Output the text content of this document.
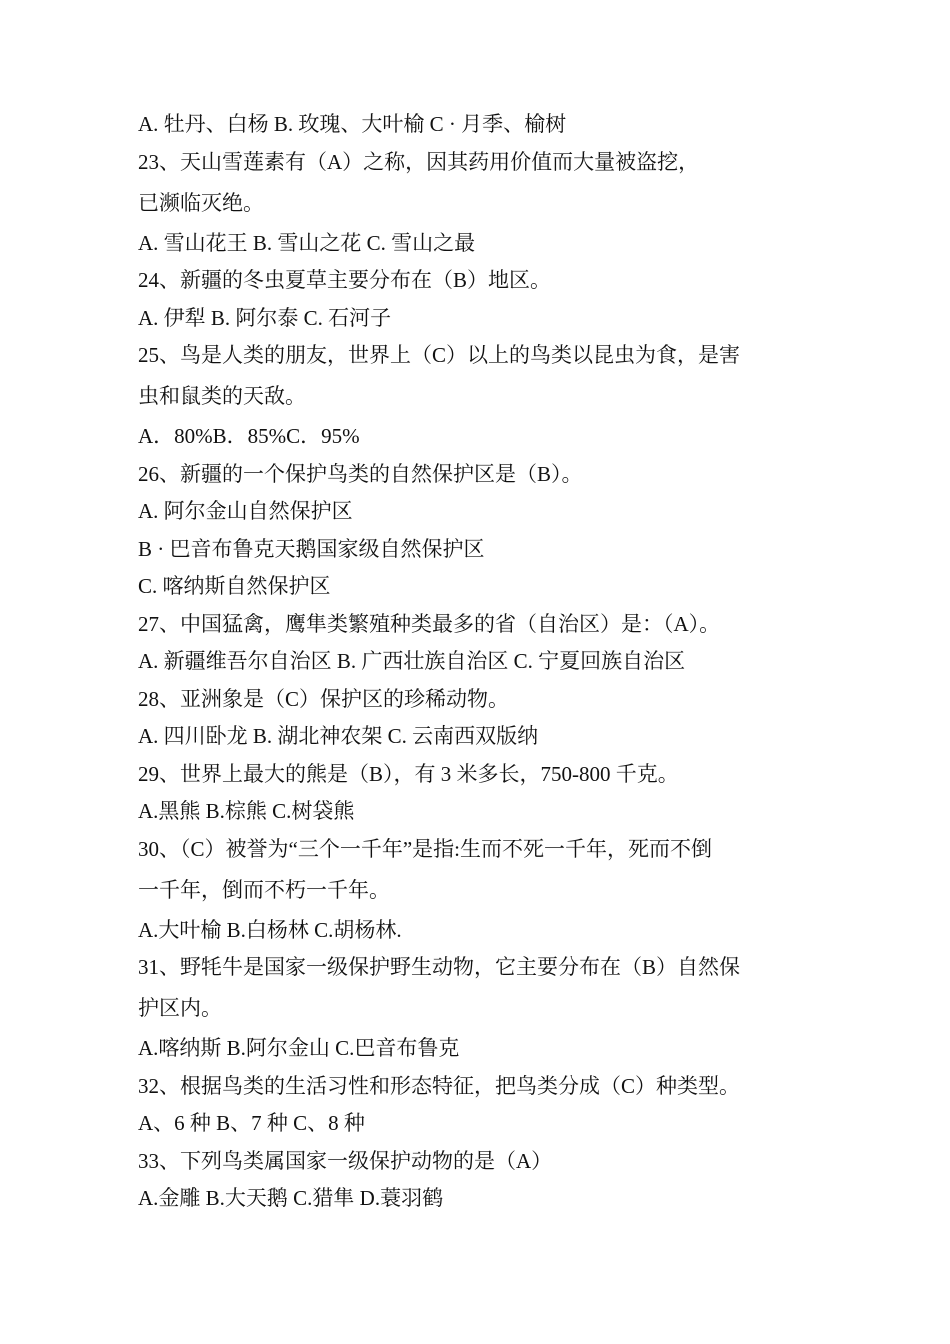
A. 牡丹、白杨 B. 玫瑰、大叶榆 C · 月季、榆树

23、天山雪莲素有（A）之称，因其药用价值而大量被盗挖，

已濒临灭绝。

A. 雪山花王 B. 雪山之花 C. 雪山之最

24、新疆的冬虫夏草主要分布在（B）地区。

A. 伊犁 B. 阿尔泰 C. 石河子

25、鸟是人类的朋友，世界上（C）以上的鸟类以昆虫为食，是害

虫和鼠类的天敌。

A．80%B．85%C．95%

26、新疆的一个保护鸟类的自然保护区是（B）。

A. 阿尔金山自然保护区

B · 巴音布鲁克天鹅国家级自然保护区

C. 喀纳斯自然保护区

27、中国猛禽，鹰隼类繁殖种类最多的省（自治区）是：（A）。

A. 新疆维吾尔自治区 B. 广西壮族自治区 C. 宁夏回族自治区

28、亚洲象是（C）保护区的珍稀动物。

A. 四川卧龙 B. 湖北神农架 C. 云南西双版纳

29、世界上最大的熊是（B），有 3 米多长，750-800 千克。

A.黑熊 B.棕熊 C.树袋熊

30、（C）被誉为“三个一千年”是指:生而不死一千年，死而不倒

一千年，倒而不朽一千年。

A.大叶榆 B.白杨林 C.胡杨林.

31、野牦牛是国家一级保护野生动物，它主要分布在（B）自然保

护区内。

A.喀纳斯 B.阿尔金山 C.巴音布鲁克

32、根据鸟类的生活习性和形态特征，把鸟类分成（C）种类型。

A、6 种 B、7 种 C、8 种

33、下列鸟类属国家一级保护动物的是（A）

A.金雕 B.大天鹅 C.猎隼 D.蓑羽鹤
